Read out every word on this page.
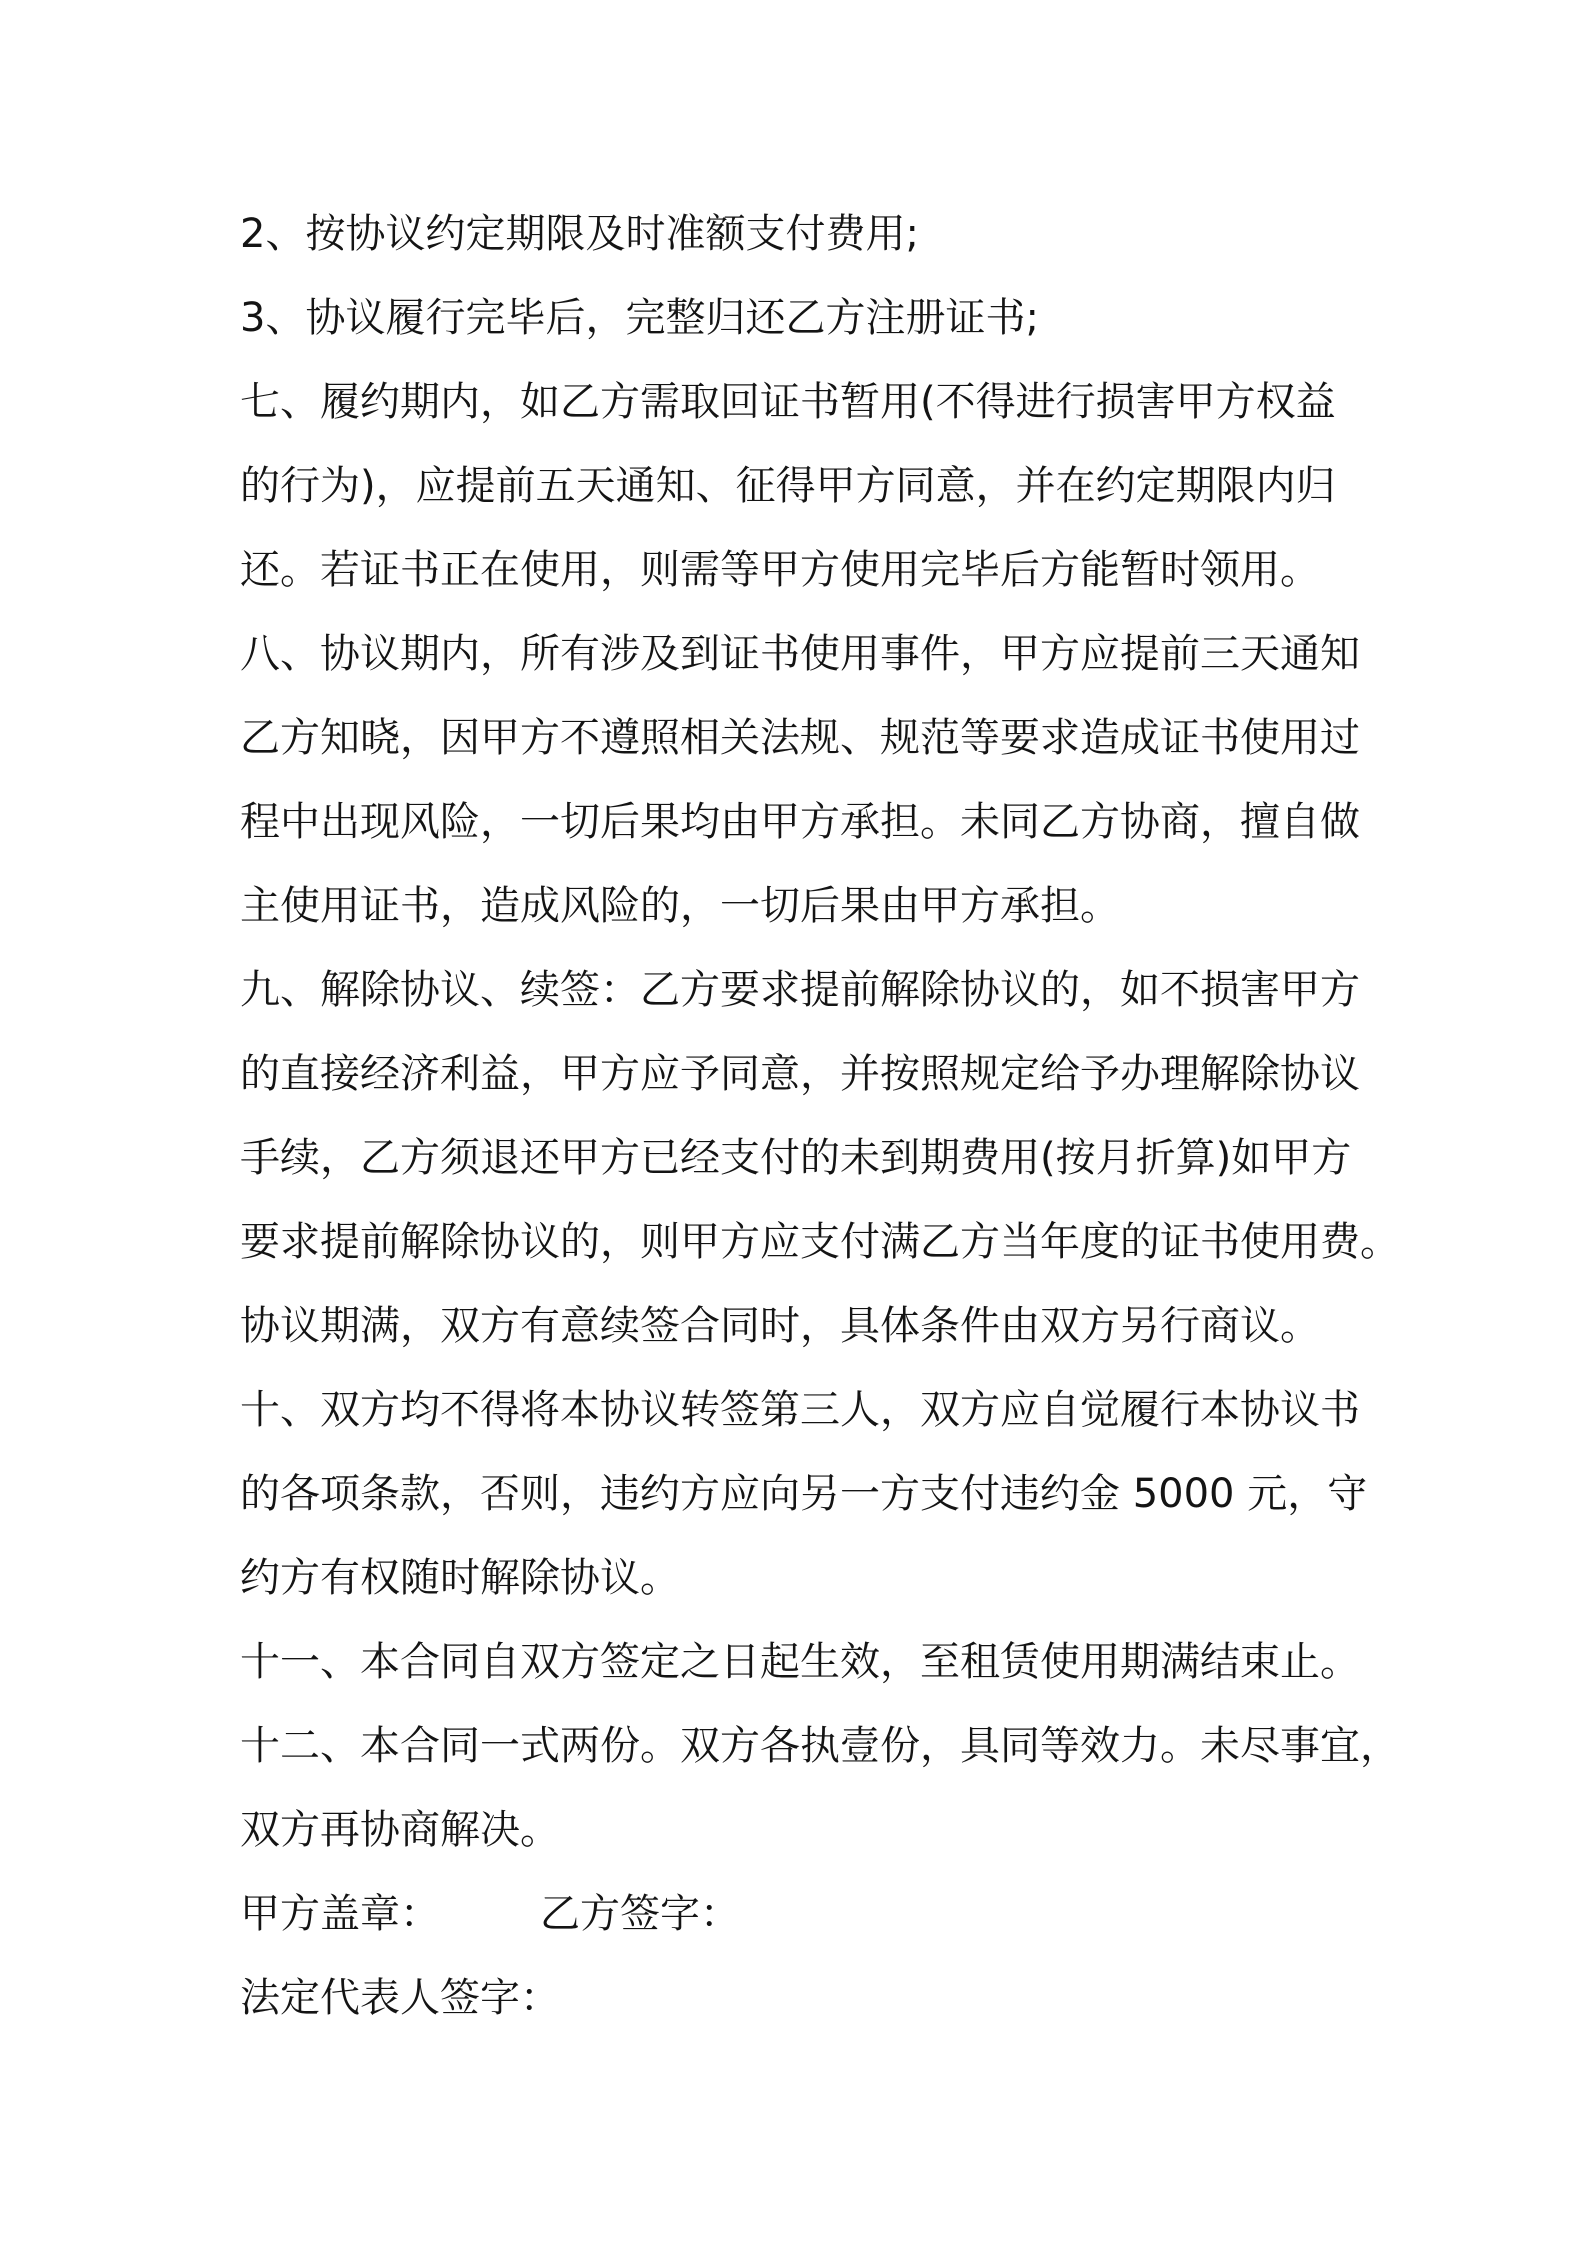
2、按协议约定期限及时准额支付费用;
3、协议履行完毕后，完整归还乙方注册证书;
七、履约期内，如乙方需取回证书暂用(不得进行损害甲方权益
的行为)，应提前五天通知、征得甲方同意，并在约定期限内归
还。若证书正在使用，则需等甲方使用完毕后方能暂时领用。
八、协议期内，所有涉及到证书使用事件，甲方应提前三天通知
乙方知晓，因甲方不遵照相关法规、规范等要求造成证书使用过
程中出现风险，一切后果均由甲方承担。未同乙方协商，擅自做
主使用证书，造成风险的，一切后果由甲方承担。
九、解除协议、续签：乙方要求提前解除协议的，如不损害甲方
的直接经济利益，甲方应予同意，并按照规定给予办理解除协议
手续，乙方须退还甲方已经支付的未到期费用(按月折算)如甲方
要求提前解除协议的，则甲方应支付满乙方当年度的证书使用费。
协议期满，双方有意续签合同时，具体条件由双方另行商议。
十、双方均不得将本协议转签第三人，双方应自觉履行本协议书
的各项条款，否则，违约方应向另一方支付违约金 5000 元，守
约方有权随时解除协议。
十一、本合同自双方签定之日起生效，至租赁使用期满结束止。
十二、本合同一式两份。双方各执壹份，具同等效力。未尽事宜，
双方再协商解决。
甲方盖章：	乙方签字：
法定代表人签字：
